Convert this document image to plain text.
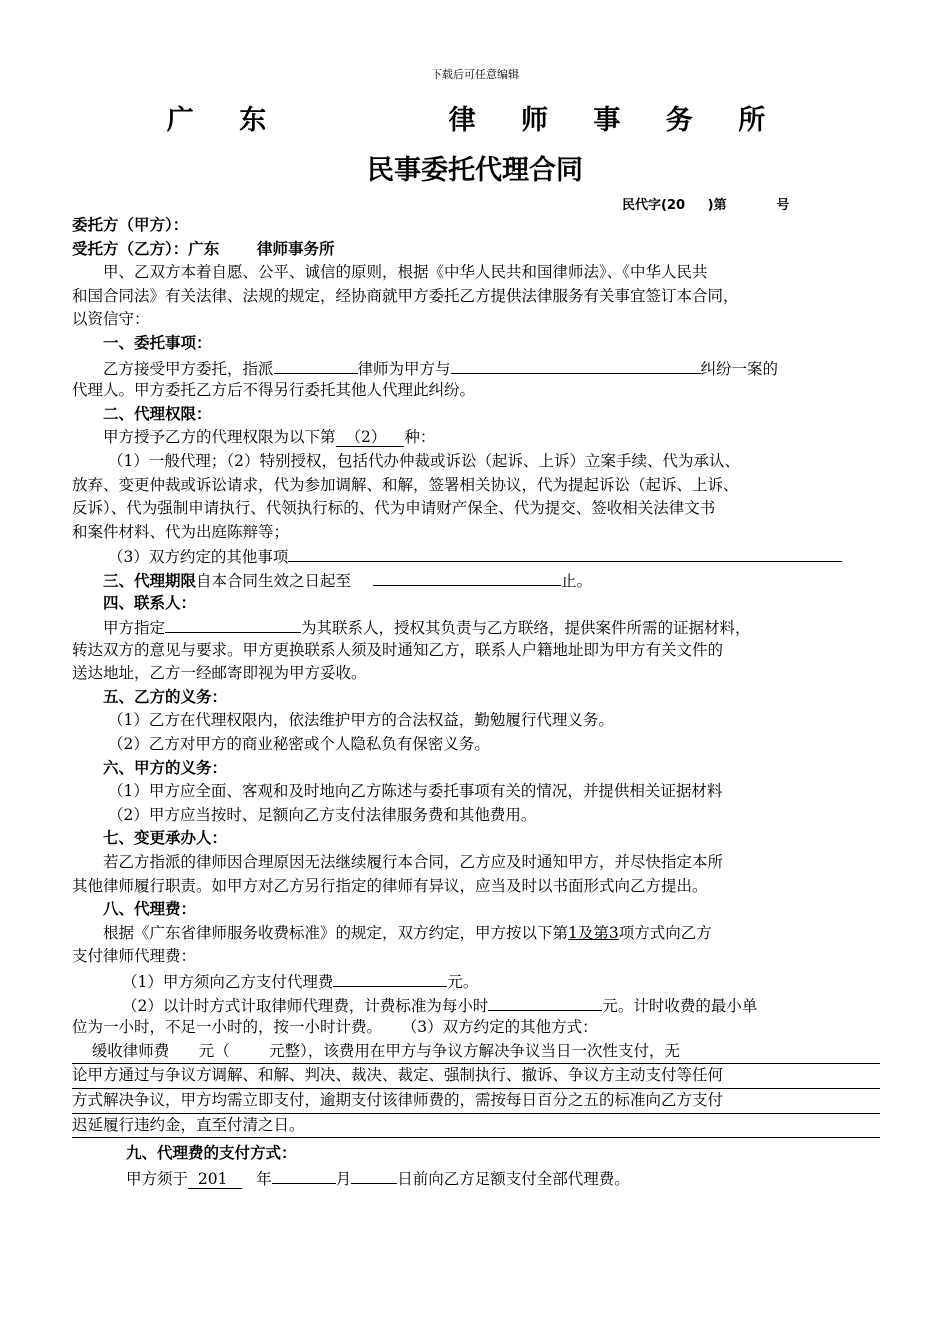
下载后可任意编辑
广 东      律 师 事 务 所
民事委托代理合同
民代字(20     )第           号
委托方（甲方）：
受托方（乙方）：广东       律师事务所
甲、乙双方本着自愿、公平、诚信的原则，根据《中华人民共和国律师法》、《中华人民共
和国合同法》有关法律、法规的规定，经协商就甲方委托乙方提供法律服务有关事宜签订本合同，
以资信守：
一、委托事项：
乙方接受甲方委托，指派	律师为甲方与	纠纷一案的
代理人。甲方委托乙方后不得另行委托其他人代理此纠纷。
二、代理权限：
甲方授予乙方的代理权限为以下第 （2） 种：
（1）一般代理；（2）特别授权，包括代办仲裁或诉讼（起诉、上诉）立案手续、代为承认、
放弃、变更仲裁或诉讼请求，代为参加调解、和解，签署相关协议，代为提起诉讼（起诉、上诉、
反诉）、代为强制申请执行、代领执行标的、代为申请财产保全、代为提交、签收相关法律文书
和案件材料、代为出庭陈辩等；
（3）双方约定的其他事项
三、代理期限自本合同生效之日起至	止。
四、联系人：
甲方指定	为其联系人，授权其负责与乙方联络，提供案件所需的证据材料，
转达双方的意见与要求。甲方更换联系人须及时通知乙方，联系人户籍地址即为甲方有关文件的
送达地址，乙方一经邮寄即视为甲方妥收。
五、乙方的义务：
（1）乙方在代理权限内，依法维护甲方的合法权益，勤勉履行代理义务。
（2）乙方对甲方的商业秘密或个人隐私负有保密义务。
六、甲方的义务：
（1）甲方应全面、客观和及时地向乙方陈述与委托事项有关的情况，并提供相关证据材料
（2）甲方应当按时、足额向乙方支付法律服务费和其他费用。
七、变更承办人：
若乙方指派的律师因合理原因无法继续履行本合同，乙方应及时通知甲方，并尽快指定本所
其他律师履行职责。如甲方对乙方另行指定的律师有异议，应当及时以书面形式向乙方提出。
八、代理费：
根据《广东省律师服务收费标准》的规定，双方约定，甲方按以下第1及第3项方式向乙方
支付律师代理费：
（1）甲方须向乙方支付代理费	元。
（2）以计时方式计取律师代理费，计费标准为每小时	元。计时收费的最小单
位为一小时，不足一小时的，按一小时计费。    （3）双方约定的其他方式：
缓收律师费      元（        元整），该费用在甲方与争议方解决争议当日一次性支付，无
论甲方通过与争议方调解、和解、判决、裁决、裁定、强制执行、撤诉、争议方主动支付等任何
方式解决争议，甲方均需立即支付，逾期支付该律师费的，需按每日百分之五的标准向乙方支付
迟延履行违约金，直至付清之日。
九、代理费的支付方式：
甲方须于  201   年	月	日前向乙方足额支付全部代理费。
